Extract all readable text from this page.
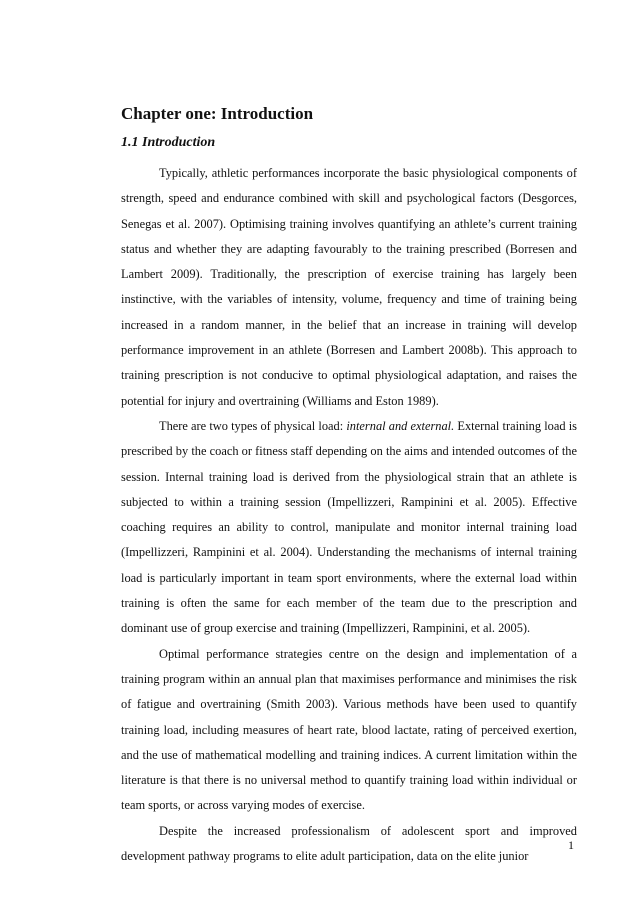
Chapter one: Introduction
1.1 Introduction

Typically, athletic performances incorporate the basic physiological components of strength, speed and endurance combined with skill and psychological factors (Desgorces, Senegas et al. 2007). Optimising training involves quantifying an athlete’s current training status and whether they are adapting favourably to the training prescribed (Borresen and Lambert 2009). Traditionally, the prescription of exercise training has largely been instinctive, with the variables of intensity, volume, frequency and time of training being increased in a random manner, in the belief that an increase in training will develop performance improvement in an athlete (Borresen and Lambert 2008b). This approach to training prescription is not conducive to optimal physiological adaptation, and raises the potential for injury and overtraining (Williams and Eston 1989).

There are two types of physical load: internal and external. External training load is prescribed by the coach or fitness staff depending on the aims and intended outcomes of the session. Internal training load is derived from the physiological strain that an athlete is subjected to within a training session (Impellizzeri, Rampinini et al. 2005). Effective coaching requires an ability to control, manipulate and monitor internal training load (Impellizzeri, Rampinini et al. 2004). Understanding the mechanisms of internal training load is particularly important in team sport environments, where the external load within training is often the same for each member of the team due to the prescription and dominant use of group exercise and training (Impellizzeri, Rampinini, et al. 2005).

Optimal performance strategies centre on the design and implementation of a training program within an annual plan that maximises performance and minimises the risk of fatigue and overtraining (Smith 2003). Various methods have been used to quantify training load, including measures of heart rate, blood lactate, rating of perceived exertion, and the use of mathematical modelling and training indices. A current limitation within the literature is that there is no universal method to quantify training load within individual or team sports, or across varying modes of exercise.

Despite the increased professionalism of adolescent sport and improved development pathway programs to elite adult participation, data on the elite junior

1
